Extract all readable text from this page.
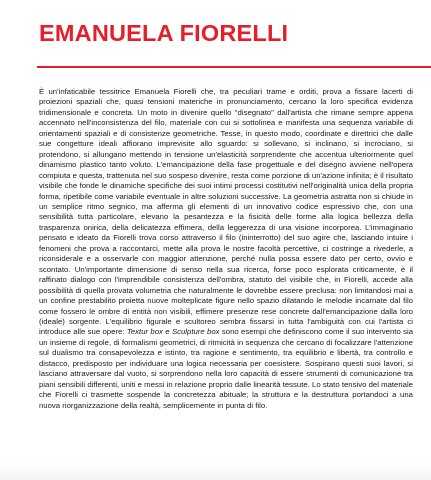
EMANUELA FIORELLI

È un'infaticabile tessitrice Emanuela Fiorelli che, tra peculiari trame e orditi, prova a fissare lacerti di proiezioni spaziali che, quasi tensioni materiche in pronunciamento, cercano la loro specifica evidenza tridimensionale e concreta. Un moto in divenire quello "disegnato" dall'artista che rimane sempre appena accennato nell'inconsistenza del filo, materiale con cui si sottolinea e manifesta una sequenza variabile di orientamenti spaziali e di consistenze geometriche. Tesse, in questo modo, coordinate e direttrici che dalle sue congetture ideali affiorano imprevisite allo sguardo: si sollevano, si inclinano, si incrociano, si protendono, si allungano mettendo in tensione un'elasticità sorprendente che accentua ulteriormente quel dinamismo plastico tanto voluto. L'emancipazione della fase progettuale e del disegno avviene nell'opera compiuta e questa, trattenuta nel suo sospeso divenire, resta come porzione di un'azione infinita; è il risultato visibile che fonde le dinamiche specifiche dei suoi intimi processi costitutivi nell'originalità unica della propria forma, ripetibile come variabile eventuale in altre soluzioni successive. La geometria astratta non si chiude in un semplice ritmo segnico, ma afferma gli elementi di un innovativo codice espressivo che, con una sensibilità tutta particolare, elevano la pesantezza e la fisicità delle forme alla logica bellezza della trasparenza onirica, della delicatezza effimera, della leggerezza di una visione incorporea. L'immaginario pensato e ideato da Fiorelli trova corso attraverso il filo (ininterrotto) del suo agire che, lasciando intuire i fenomeni che prova a raccontarci, mette alla prova le nostre facoltà percettive, ci costringe a rivederle, a riconsiderale e a osservarle con maggior attenzione, perché nulla possa essere dato per certo, ovvio e scontato. Un'importante dimensione di senso nella sua ricerca, forse poco esplorata criticamente, è il raffinato dialogo con l'imprendibile consistenza dell'ombra, statuto del visibile che, in Fiorelli, accede alla possibilità di quella provata volumetria che naturalmente le dovrebbe essere preclusa: non limitandosi mai a un confine prestabilito proietta nuove molteplicate figure nello spazio dilatando le melodie incarnate dal filo come fossero le ombre di entità non visibili, effimere presenze rese concrete dall'emancipazione dalla loro (ideale) sorgente. L'equilibrio figurale e scultoreo sembra fissarsi in tutta l'ambiguità con cui l'artista ci introduce alle sue opere: Textur box e Sculpture box sono esempi che definiscono come il suo intervento sia un insieme di regole, di formalismi geometrici, di ritmicità in sequenza che cercano di focalizzare l'attenzione sul dualismo tra consapevolezza e istinto, tra ragione e sentimento, tra equilibrio e libertà, tra controllo e distacco, predisposto per individuare una logica necessaria per coesistere. Sospirano questi suoi lavori, si lasciano attraversare dal vuoto, si sorprendono nella loro capacità di essere strumenti di comunicazione tra piani sensibili differenti, uniti e messi in relazione proprio dalle linearità tessute. Lo stato tensivo del materiale che Fiorelli ci trasmette sospende la concretezza abituale; la struttura e la destruttura portandoci a una nuova riorganizzazione della realtà, semplicemente in punta di filo.
